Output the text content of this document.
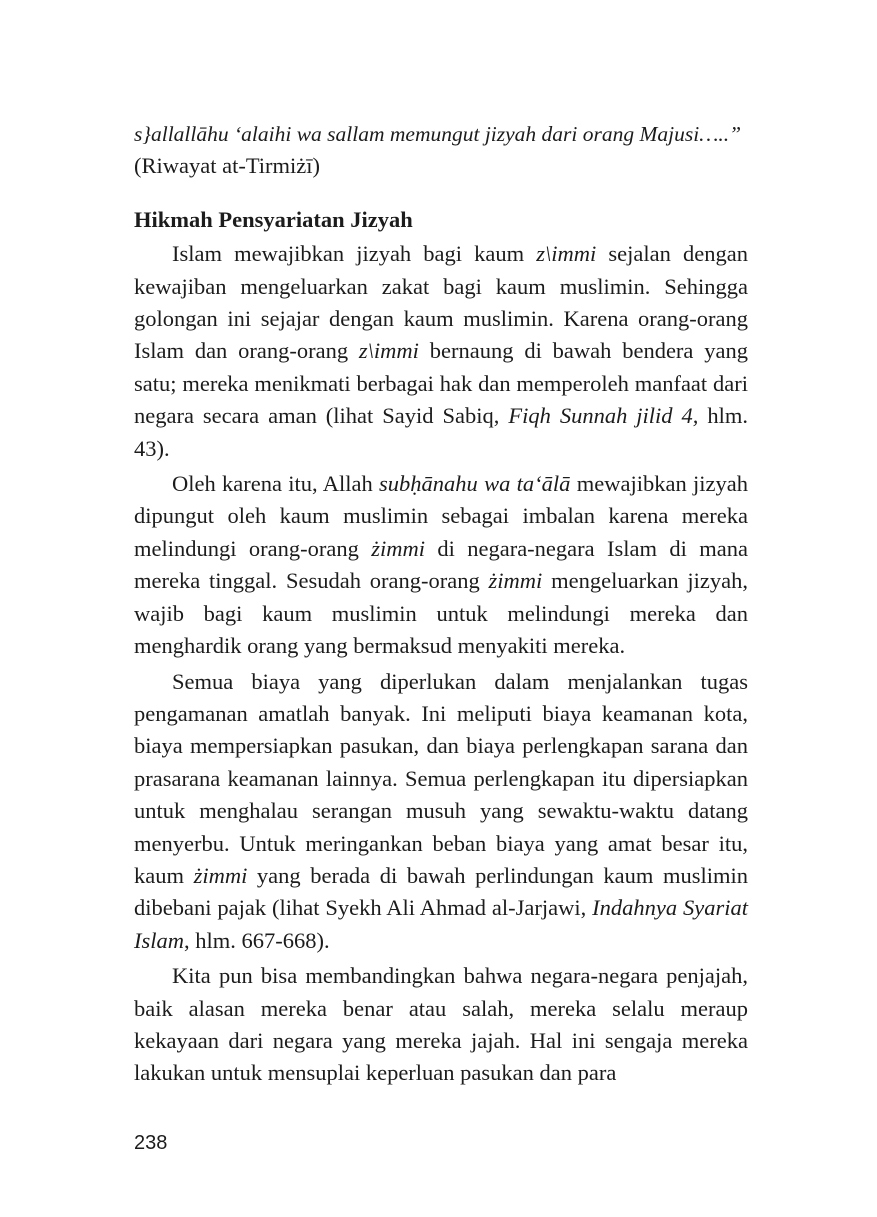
s}allallāhu ‘alaihi wa sallam memungut jizyah dari orang Majusi…..”
(Riwayat at-Tirmiżī)
Hikmah Pensyariatan Jizyah

Islam mewajibkan jizyah bagi kaum z\immi sejalan dengan kewajiban mengeluarkan zakat bagi kaum muslimin. Sehingga golongan ini sejajar dengan kaum muslimin. Karena orang-orang Islam dan orang-orang z\immi bernaung di bawah bendera yang satu; mereka menikmati berbagai hak dan memperoleh manfaat dari negara secara aman (lihat Sayid Sabiq, Fiqh Sunnah jilid 4, hlm. 43).

Oleh karena itu, Allah subḥānahu wa ta‘ālā mewajibkan jizyah dipungut oleh kaum muslimin sebagai imbalan karena mereka melindungi orang-orang żimmi di negara-negara Islam di mana mereka tinggal. Sesudah orang-orang żimmi mengeluarkan jizyah, wajib bagi kaum muslimin untuk melindungi mereka dan menghardik orang yang bermaksud menyakiti mereka.

Semua biaya yang diperlukan dalam menjalankan tugas pengamanan amatlah banyak. Ini meliputi biaya keamanan kota, biaya mempersiapkan pasukan, dan biaya perlengkapan sarana dan prasarana keamanan lainnya. Semua perlengkapan itu dipersiapkan untuk menghalau serangan musuh yang sewaktu-waktu datang menyerbu. Untuk meringankan beban biaya yang amat besar itu, kaum żimmi yang berada di bawah perlindungan kaum muslimin dibebani pajak (lihat Syekh Ali Ahmad al-Jarjawi, Indahnya Syariat Islam, hlm. 667-668).

Kita pun bisa membandingkan bahwa negara-negara penjajah, baik alasan mereka benar atau salah, mereka selalu meraup kekayaan dari negara yang mereka jajah. Hal ini sengaja mereka lakukan untuk mensuplai keperluan pasukan dan para

238
